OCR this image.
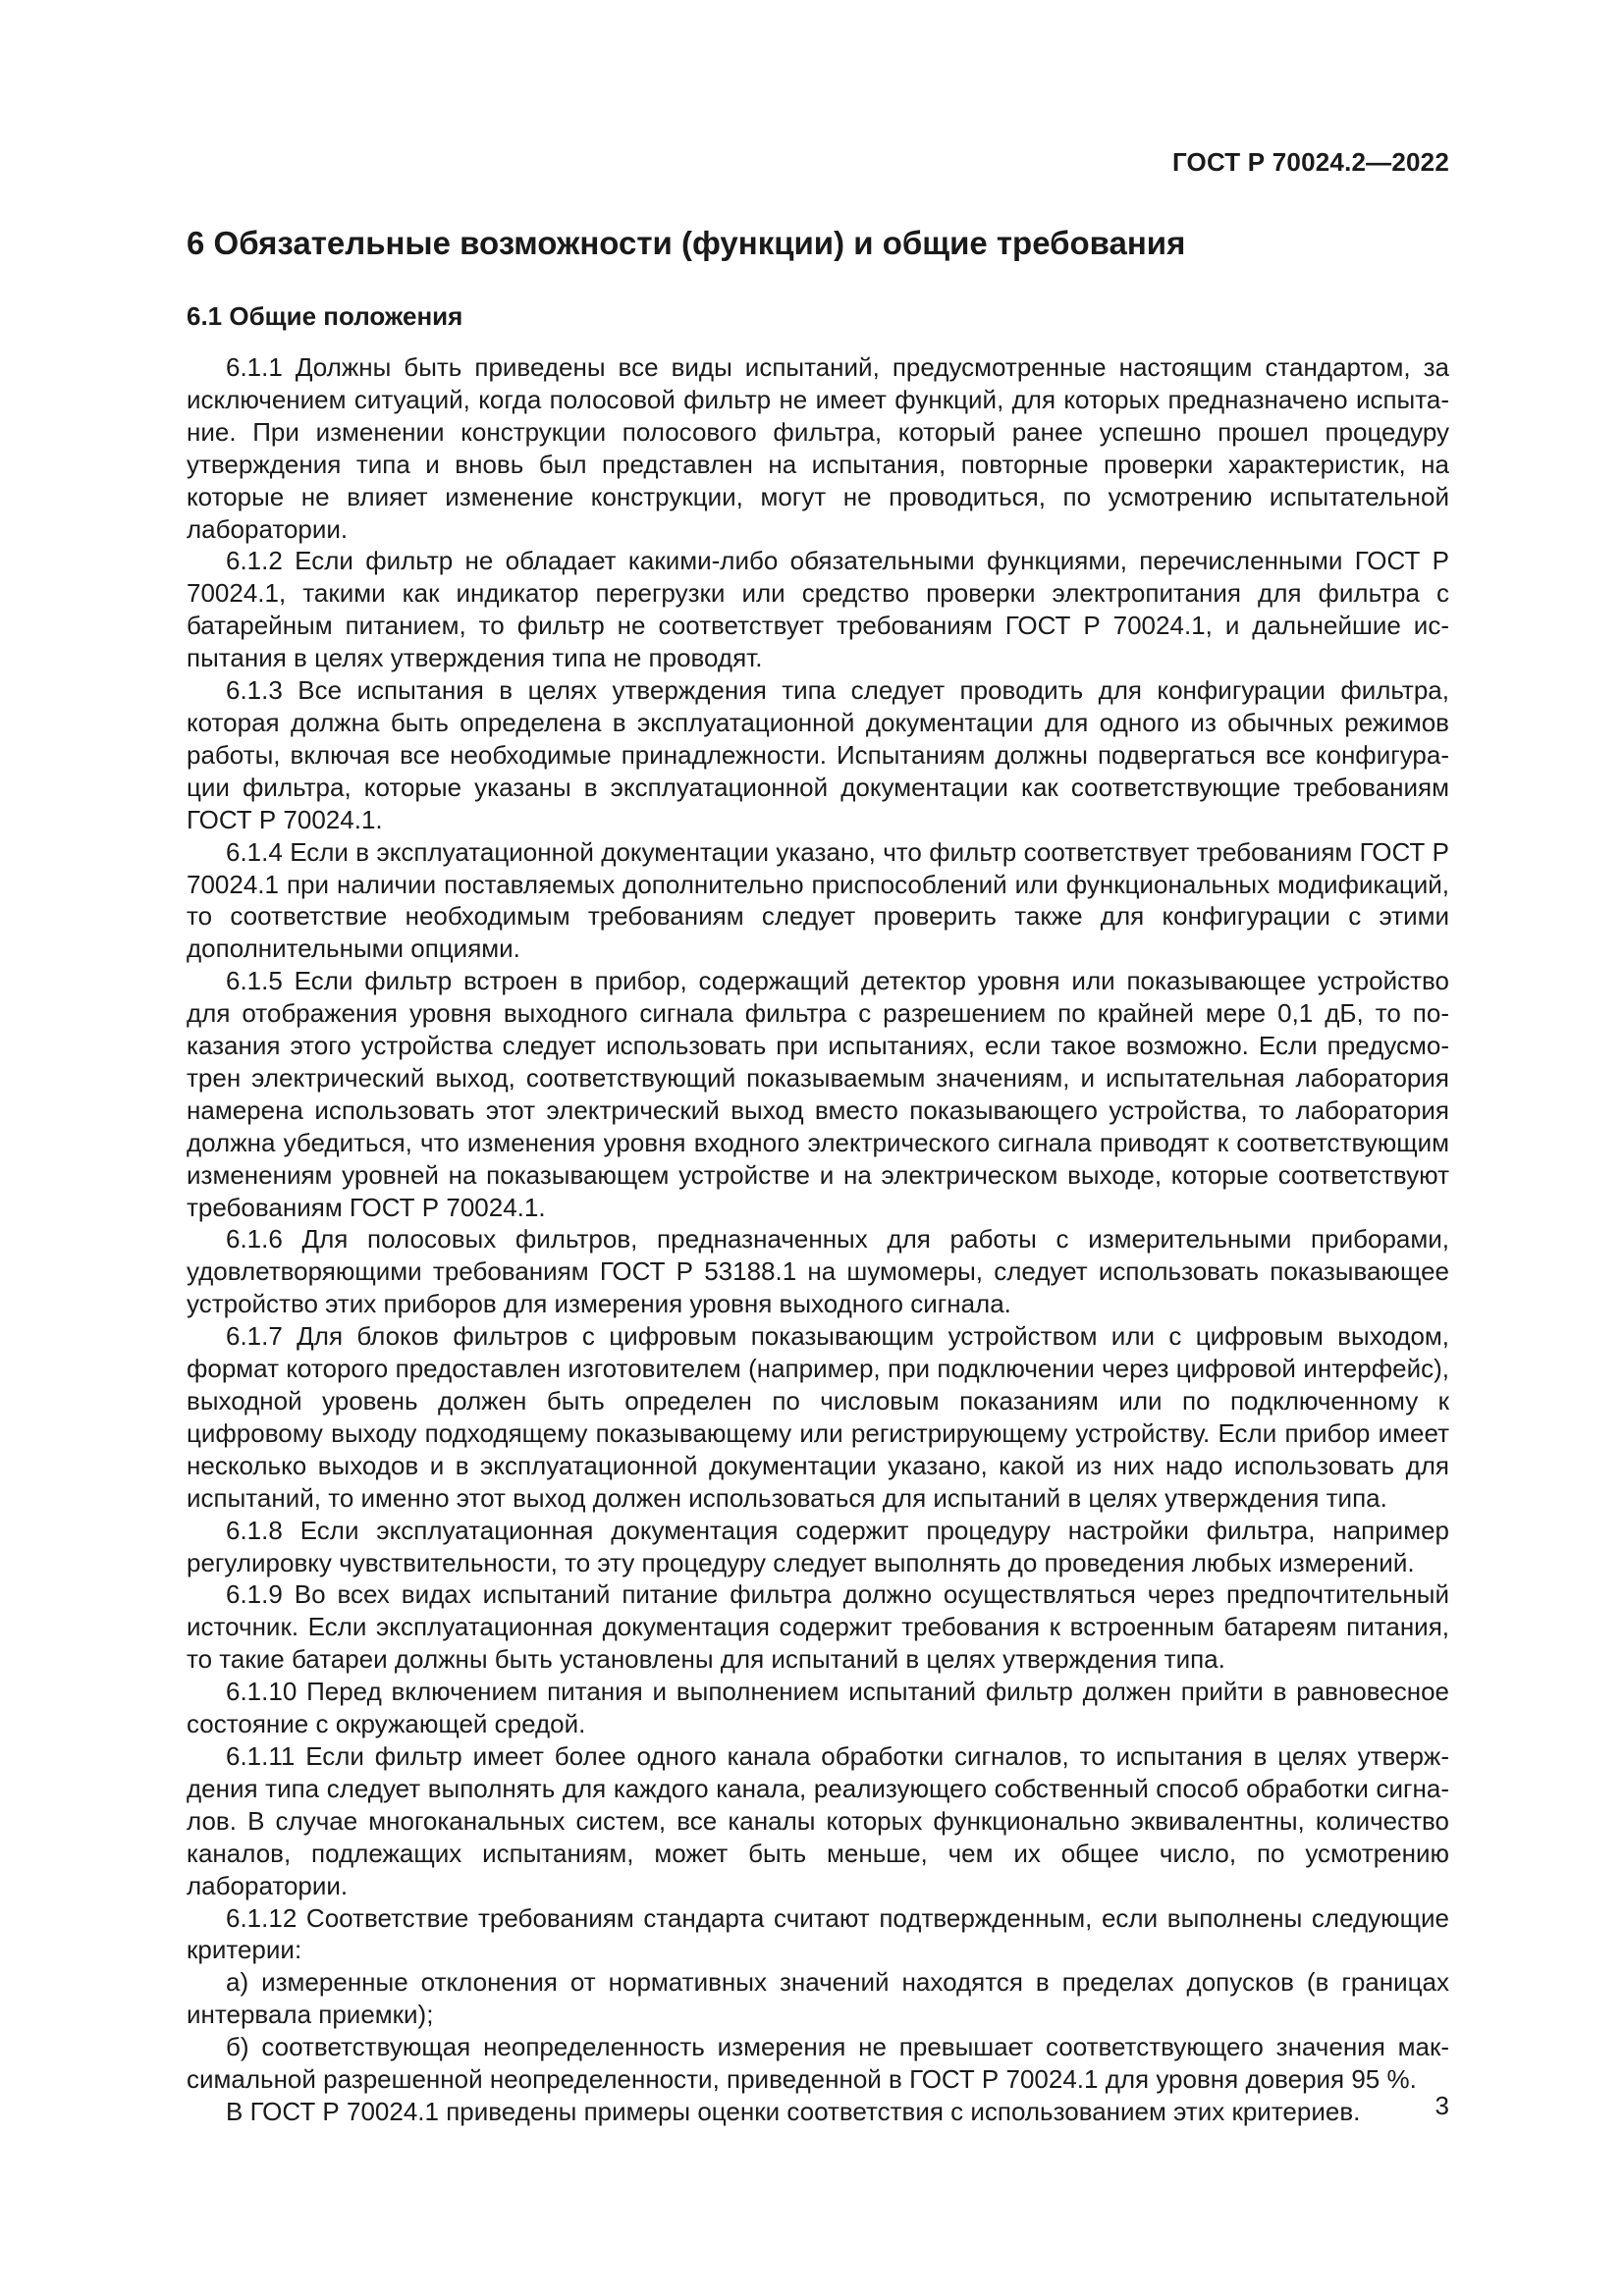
ГОСТ Р 70024.2—2022
6 Обязательные возможности (функции) и общие требования
6.1 Общие положения

6.1.1 Должны быть приведены все виды испытаний, предусмотренные настоящим стандартом, за исключением ситуаций, когда полосовой фильтр не имеет функций, для которых предназначено испытание. При изменении конструкции полосового фильтра, который ранее успешно прошел процедуру утверждения типа и вновь был представлен на испытания, повторные проверки характеристик, на которые не влияет изменение конструкции, могут не проводиться, по усмотрению испытательной лаборатории.

6.1.2 Если фильтр не обладает какими-либо обязательными функциями, перечисленными ГОСТ Р 70024.1, такими как индикатор перегрузки или средство проверки электропитания для фильтра с батарейным питанием, то фильтр не соответствует требованиям ГОСТ Р 70024.1, и дальнейшие испытания в целях утверждения типа не проводят.

6.1.3 Все испытания в целях утверждения типа следует проводить для конфигурации фильтра, которая должна быть определена в эксплуатационной документации для одного из обычных режимов работы, включая все необходимые принадлежности. Испытаниям должны подвергаться все конфигурации фильтра, которые указаны в эксплуатационной документации как соответствующие требованиям ГОСТ Р 70024.1.

6.1.4 Если в эксплуатационной документации указано, что фильтр соответствует требованиям ГОСТ Р 70024.1 при наличии поставляемых дополнительно приспособлений или функциональных модификаций, то соответствие необходимым требованиям следует проверить также для конфигурации с этими дополнительными опциями.

6.1.5 Если фильтр встроен в прибор, содержащий детектор уровня или показывающее устройство для отображения уровня выходного сигнала фильтра с разрешением по крайней мере 0,1 дБ, то показания этого устройства следует использовать при испытаниях, если такое возможно. Если предусмотрен электрический выход, соответствующий показываемым значениям, и испытательная лаборатория намерена использовать этот электрический выход вместо показывающего устройства, то лаборатория должна убедиться, что изменения уровня входного электрического сигнала приводят к соответствующим изменениям уровней на показывающем устройстве и на электрическом выходе, которые соответствуют требованиям ГОСТ Р 70024.1.

6.1.6 Для полосовых фильтров, предназначенных для работы с измерительными приборами, удовлетворяющими требованиям ГОСТ Р 53188.1 на шумомеры, следует использовать показывающее устройство этих приборов для измерения уровня выходного сигнала.

6.1.7 Для блоков фильтров с цифровым показывающим устройством или с цифровым выходом, формат которого предоставлен изготовителем (например, при подключении через цифровой интерфейс), выходной уровень должен быть определен по числовым показаниям или по подключенному к цифровому выходу подходящему показывающему или регистрирующему устройству. Если прибор имеет несколько выходов и в эксплуатационной документации указано, какой из них надо использовать для испытаний, то именно этот выход должен использоваться для испытаний в целях утверждения типа.

6.1.8 Если эксплуатационная документация содержит процедуру настройки фильтра, например регулировку чувствительности, то эту процедуру следует выполнять до проведения любых измерений.

6.1.9 Во всех видах испытаний питание фильтра должно осуществляться через предпочтительный источник. Если эксплуатационная документация содержит требования к встроенным батареям питания, то такие батареи должны быть установлены для испытаний в целях утверждения типа.

6.1.10 Перед включением питания и выполнением испытаний фильтр должен прийти в равновесное состояние с окружающей средой.

6.1.11 Если фильтр имеет более одного канала обработки сигналов, то испытания в целях утверждения типа следует выполнять для каждого канала, реализующего собственный способ обработки сигналов. В случае многоканальных систем, все каналы которых функционально эквивалентны, количество каналов, подлежащих испытаниям, может быть меньше, чем их общее число, по усмотрению лаборатории.

6.1.12 Соответствие требованиям стандарта считают подтвержденным, если выполнены следующие критерии:

а) измеренные отклонения от нормативных значений находятся в пределах допусков (в границах интервала приемки);

б) соответствующая неопределенность измерения не превышает соответствующего значения максимальной разрешенной неопределенности, приведенной в ГОСТ Р 70024.1 для уровня доверия 95 %.

В ГОСТ Р 70024.1 приведены примеры оценки соответствия с использованием этих критериев.	3
